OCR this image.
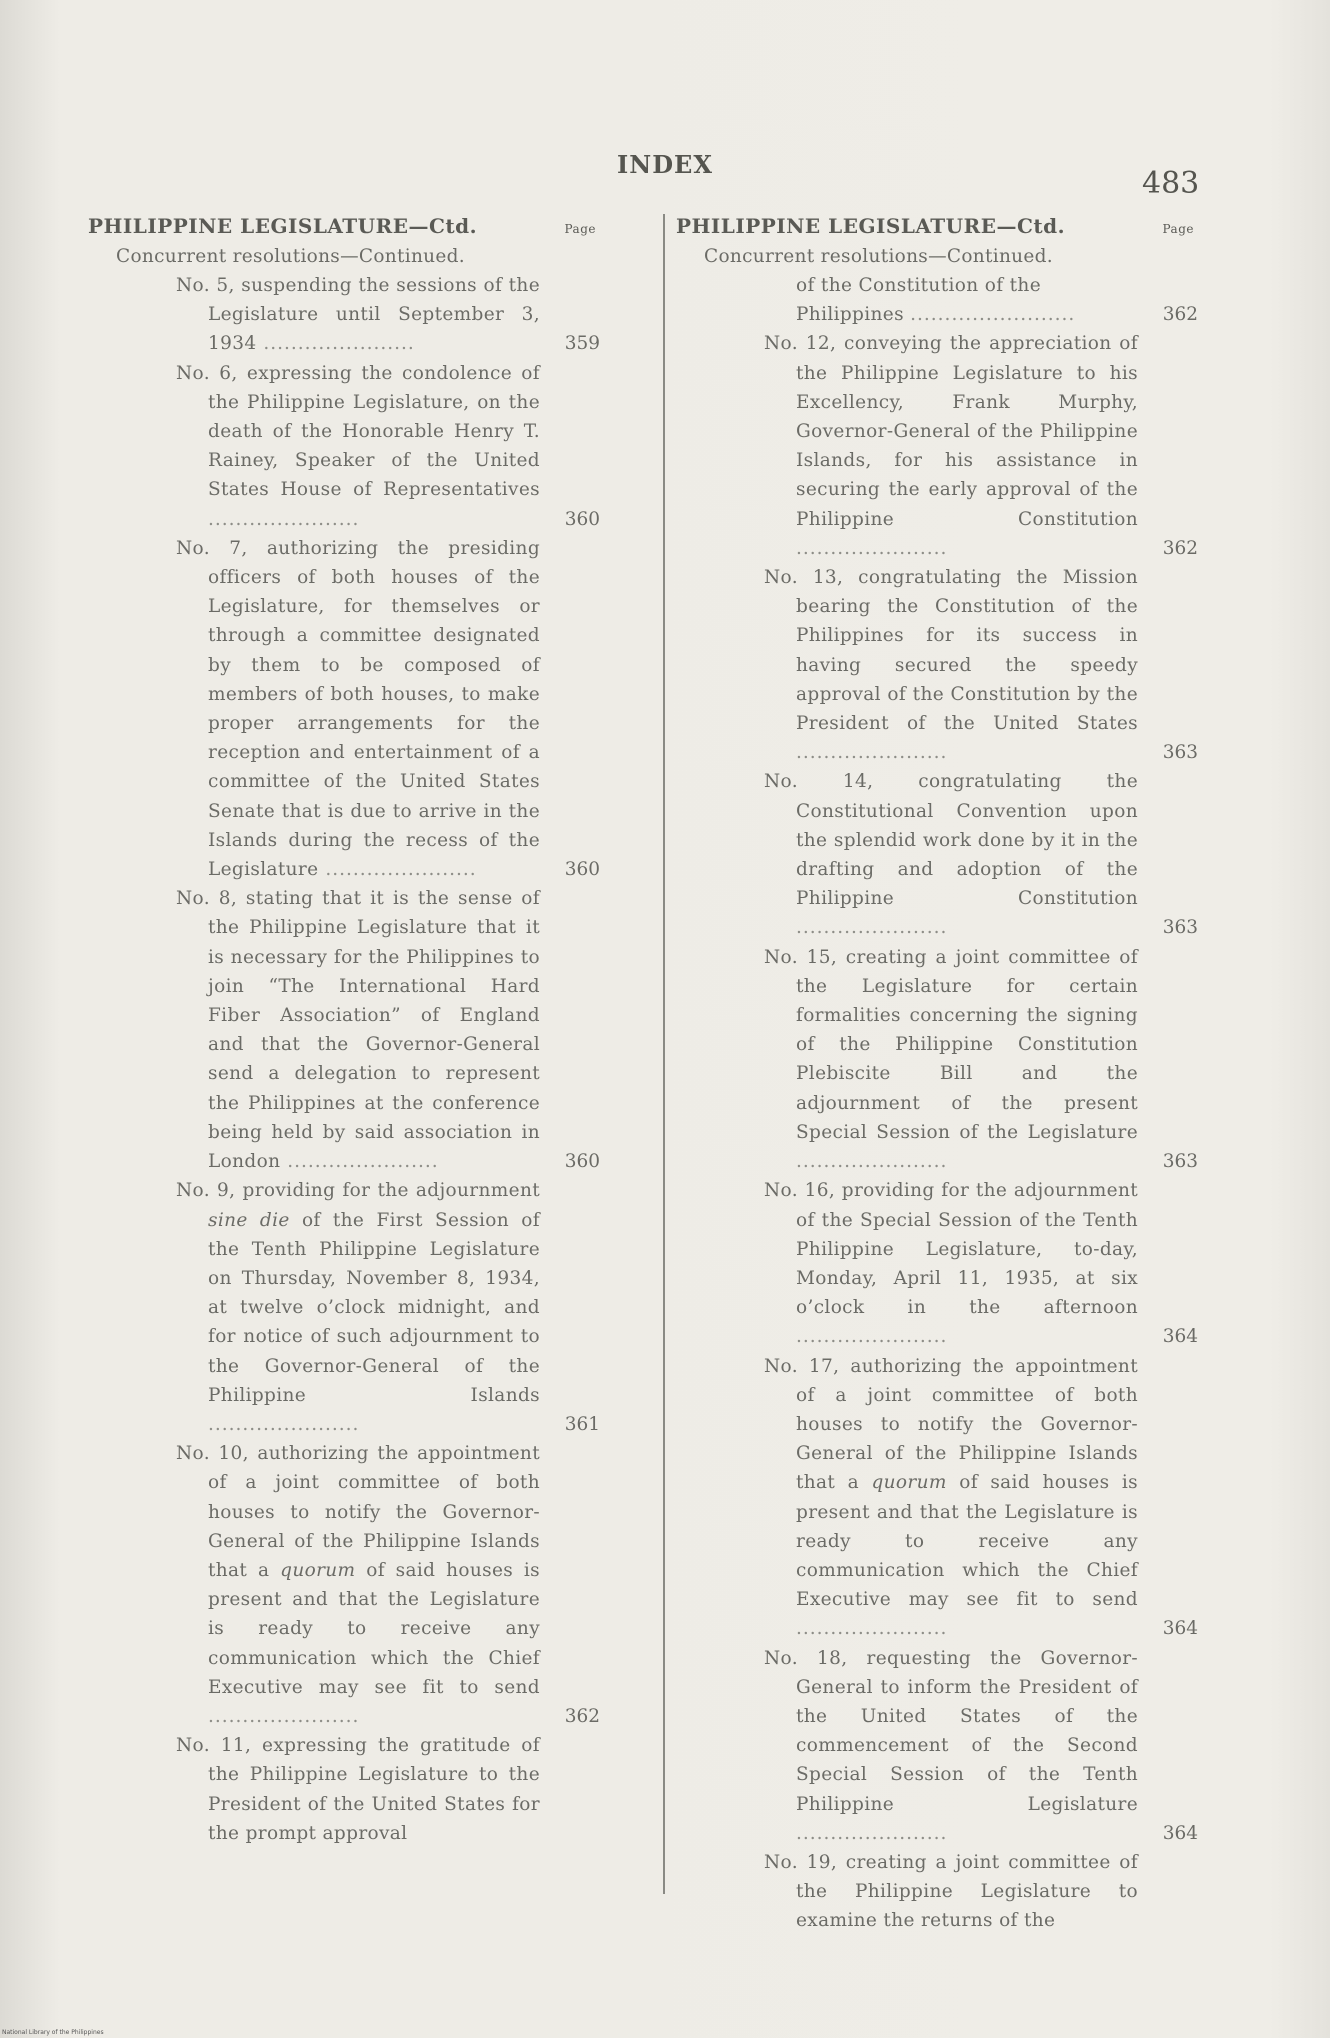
INDEX
483
PHILIPPINE LEGISLATURE—Ctd.	Page
Concurrent resolutions—Continued.
No. 5, suspending the sessions of the Legislature until September 3, 1934 ......................	359
No. 6, expressing the condolence of the Philippine Legislature, on the death of the Honorable Henry T. Rainey, Speaker of the United States House of Representatives ......................	360
No. 7, authorizing the presiding officers of both houses of the Legislature, for themselves or through a committee designated by them to be composed of members of both houses, to make proper arrangements for the reception and entertainment of a committee of the United States Senate that is due to arrive in the Islands during the recess of the Legislature ......................	360
No. 8, stating that it is the sense of the Philippine Legislature that it is necessary for the Philippines to join “The International Hard Fiber Association” of England and that the Governor-General send a delegation to represent the Philippines at the conference being held by said association in London ......................	360
No. 9, providing for the adjournment sine die of the First Session of the Tenth Philippine Legislature on Thursday, November 8, 1934, at twelve o’clock midnight, and for notice of such adjournment to the Governor-General of the Philippine Islands ......................	361
No. 10, authorizing the appointment of a joint committee of both houses to notify the Governor-General of the Philippine Islands that a quorum of said houses is present and that the Legislature is ready to receive any communication which the Chief Executive may see fit to send ......................	362
No. 11, expressing the gratitude of the Philippine Legislature to the President of the United States for the prompt approval
PHILIPPINE LEGISLATURE—Ctd.	Page
Concurrent resolutions—Continued.
of the Constitution of the Philippines ........................	362
No. 12, conveying the appreciation of the Philippine Legislature to his Excellency, Frank Murphy, Governor-General of the Philippine Islands, for his assistance in securing the early approval of the Philippine Constitution ......................	362
No. 13, congratulating the Mission bearing the Constitution of the Philippines for its success in having secured the speedy approval of the Constitution by the President of the United States ......................	363
No. 14, congratulating the Constitutional Convention upon the splendid work done by it in the drafting and adoption of the Philippine Constitution ......................	363
No. 15, creating a joint committee of the Legislature for certain formalities concerning the signing of the Philippine Constitution Plebiscite Bill and the adjournment of the present Special Session of the Legislature ......................	363
No. 16, providing for the adjournment of the Special Session of the Tenth Philippine Legislature, to-day, Monday, April 11, 1935, at six o’clock in the afternoon ......................	364
No. 17, authorizing the appointment of a joint committee of both houses to notify the Governor-General of the Philippine Islands that a quorum of said houses is present and that the Legislature is ready to receive any communication which the Chief Executive may see fit to send ......................	364
No. 18, requesting the Governor-General to inform the President of the United States of the commencement of the Second Special Session of the Tenth Philippine Legislature ......................	364
No. 19, creating a joint committee of the Philippine Legislature to examine the returns of the
National Library of the Philippines
